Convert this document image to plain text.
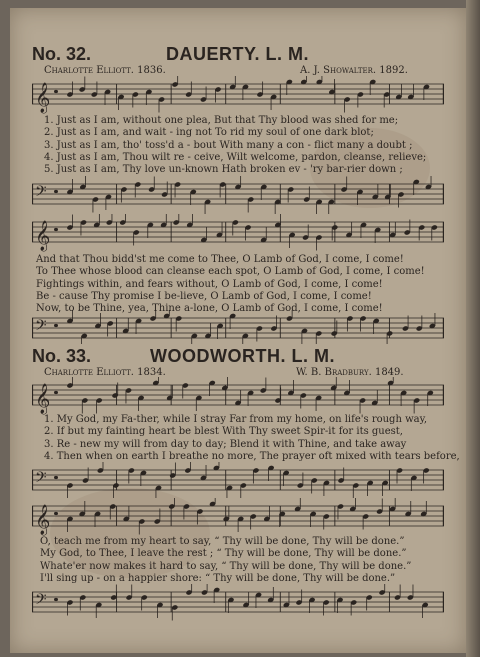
No. 32.	DAUERTY. L. M.
Charlotte Elliott. 1836.	A. J. Showalter. 1892.
𝄞
1. Just as I am, without one plea, But that Thy blood was shed for me;
2. Just as I am, and wait - ing not To rid my soul of one dark blot;
3. Just as I am, tho' toss'd a - bout With many a con - flict many a doubt ;
4. Just as I am, Thou wilt re - ceive, Wilt welcome, pardon, cleanse, relieve;
5. Just as I am, Thy love un-known Hath broken ev - 'ry bar-rier down ;
𝄢
𝄞
And that Thou bidd'st me come to Thee, O Lamb of God, I come, I come!
To Thee whose blood can cleanse each spot, O Lamb of God, I come, I come!
Fightings within, and fears without, O Lamb of God, I come, I come!
Be - cause Thy promise I be-lieve, O Lamb of God, I come, I come!
Now, to be Thine, yea, Thine a-lone, O Lamb of God, I come, I come!
𝄢
No. 33.	WOODWORTH. L. M.
Charlotte Elliott. 1834.	W. B. Bradbury. 1849.
𝄞
1. My God, my Fa-ther, while I stray Far from my home, on life's rough way,
2. If but my fainting heart be blest With Thy sweet Spir-it for its guest,
3. Re - new my will from day to day; Blend it with Thine, and take away
4. Then when on earth I breathe no more, The prayer oft mixed with tears before,
𝄢
𝄞
O, teach me from my heart to say, “ Thy will be done, Thy will be done.”
My God, to Thee, I leave the rest ; “ Thy will be done, Thy will be done.”
Whate'er now makes it hard to say, “ Thy will be done, Thy will be done.”
I'll sing up - on a happier shore: “ Thy will be done, Thy will be done.”
𝄢
